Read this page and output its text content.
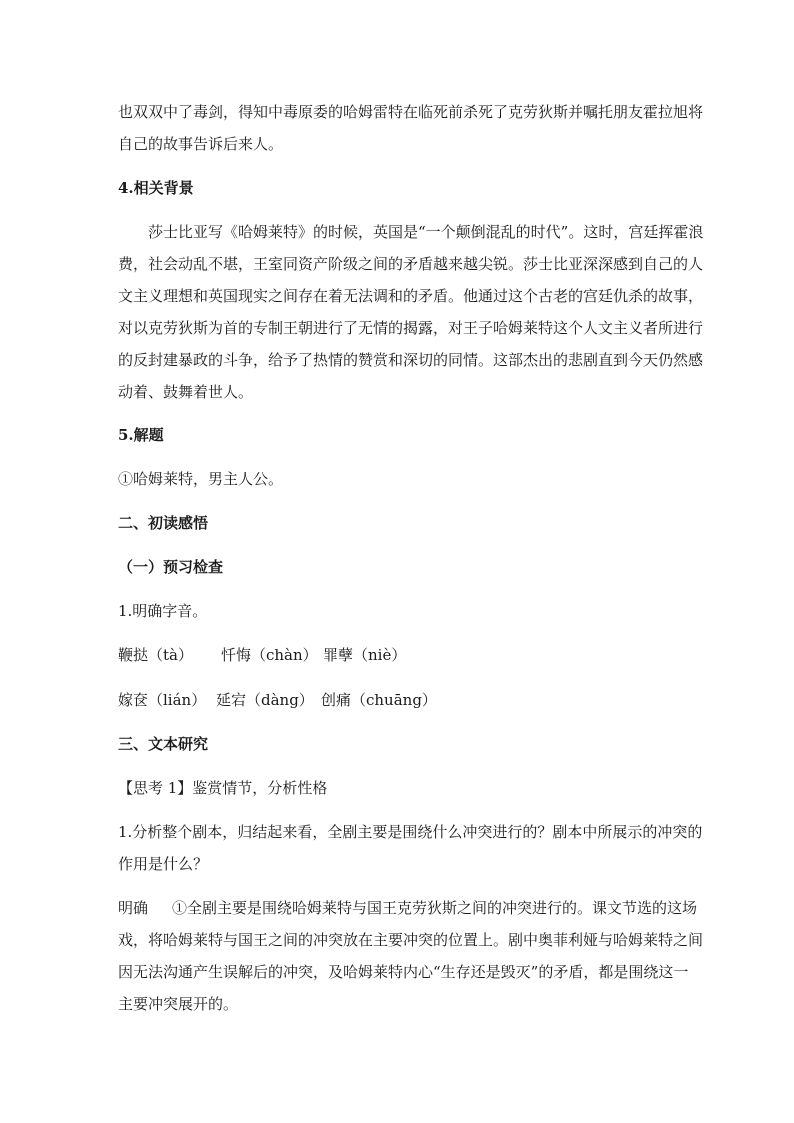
也双双中了毒剑，得知中毒原委的哈姆雷特在临死前杀死了克劳狄斯并嘱托朋友霍拉旭将
自己的故事告诉后来人。
4.相关背景
莎士比亚写《哈姆莱特》的时候，英国是“一个颠倒混乱的时代”。这时，宫廷挥霍浪
费，社会动乱不堪，王室同资产阶级之间的矛盾越来越尖锐。莎士比亚深深感到自己的人
文主义理想和英国现实之间存在着无法调和的矛盾。他通过这个古老的宫廷仇杀的故事，
对以克劳狄斯为首的专制王朝进行了无情的揭露，对王子哈姆莱特这个人文主义者所进行
的反封建暴政的斗争，给予了热情的赞赏和深切的同情。这部杰出的悲剧直到今天仍然感
动着、鼓舞着世人。
5.解题
①哈姆莱特，男主人公。
二、初读感悟
（一）预习检查
1.明确字音。
鞭挞（tà） 忏悔（chàn） 罪孽（niè）
嫁奁（lián） 延宕（dàng） 创痛（chuāng）
三、文本研究
【思考 1】鉴赏情节，分析性格
1.分析整个剧本，归结起来看，全剧主要是围绕什么冲突进行的？剧本中所展示的冲突的
作用是什么？
明确 ①全剧主要是围绕哈姆莱特与国王克劳狄斯之间的冲突进行的。课文节选的这场
戏，将哈姆莱特与国王之间的冲突放在主要冲突的位置上。剧中奥菲利娅与哈姆莱特之间
因无法沟通产生误解后的冲突，及哈姆莱特内心“生存还是毁灭”的矛盾，都是围绕这一
主要冲突展开的。
